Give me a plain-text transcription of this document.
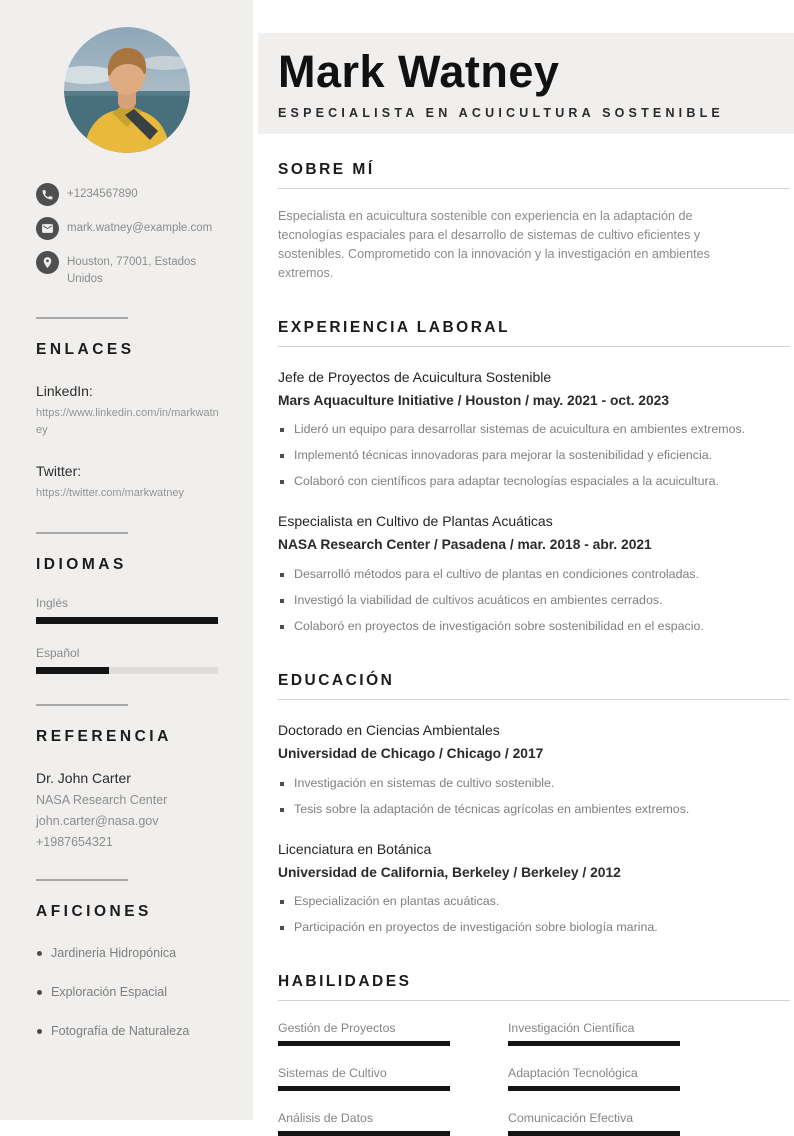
+1234567890
mark.watney@example.com
Houston, 77001, Estados Unidos
ENLACES
LinkedIn:
https://www.linkedin.com/in/markwatney
Twitter:
https://twitter.com/markwatney
IDIOMAS
Inglés
Español
REFERENCIA
Dr. John Carter
NASA Research Center
john.carter@nasa.gov
+1987654321
AFICIONES
Jardineria Hidropónica
Exploración Espacial
Fotografía de Naturaleza
Mark Watney
ESPECIALISTA EN ACUICULTURA SOSTENIBLE
SOBRE MÍ

Especialista en acuicultura sostenible con experiencia en la adaptación de tecnologías espaciales para el desarrollo de sistemas de cultivo eficientes y sostenibles. Comprometido con la innovación y la investigación en ambientes extremos.

EXPERIENCIA LABORAL
Jefe de Proyectos de Acuicultura Sostenible
Mars Aquaculture Initiative / Houston / may. 2021 - oct. 2023
Lideró un equipo para desarrollar sistemas de acuicultura en ambientes extremos.
Implementó técnicas innovadoras para mejorar la sostenibilidad y eficiencia.
Colaboró con científicos para adaptar tecnologías espaciales a la acuicultura.
Especialista en Cultivo de Plantas Acuáticas
NASA Research Center / Pasadena / mar. 2018 - abr. 2021
Desarrolló métodos para el cultivo de plantas en condiciones controladas.
Investigó la viabilidad de cultivos acuáticos en ambientes cerrados.
Colaboró en proyectos de investigación sobre sostenibilidad en el espacio.
EDUCACIÓN
Doctorado en Ciencias Ambientales
Universidad de Chicago / Chicago / 2017
Investigación en sistemas de cultivo sostenible.
Tesis sobre la adaptación de técnicas agrícolas en ambientes extremos.
Licenciatura en Botánica
Universidad de California, Berkeley / Berkeley / 2012
Especialización en plantas acuáticas.
Participación en proyectos de investigación sobre biología marina.
HABILIDADES
Gestión de Proyectos	Investigación Científica
Sistemas de Cultivo	Adaptación Tecnológica
Análisis de Datos	Comunicación Efectiva
